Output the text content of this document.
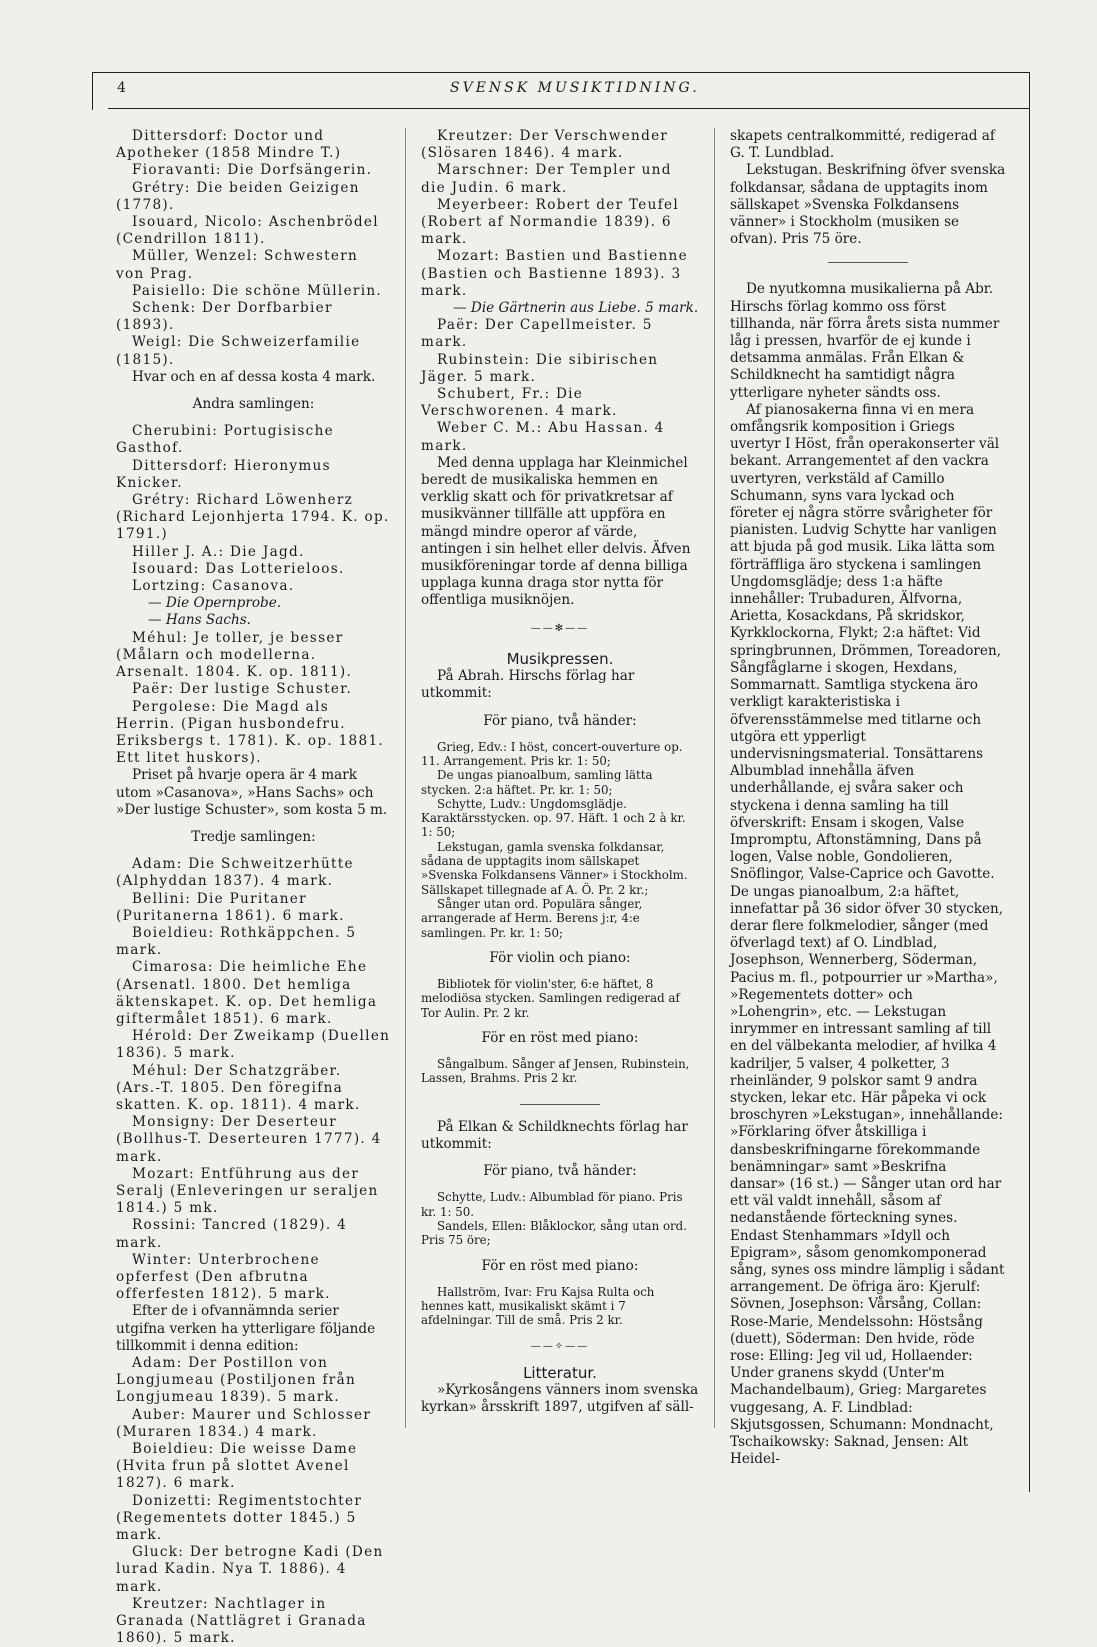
4	SVENSK MUSIKTIDNING.

Dittersdorf: Doctor und Apotheker (1858 Mindre T.)

Fioravanti: Die Dorfsängerin.

Grétry: Die beiden Geizigen (1778).

Isouard, Nicolo: Aschenbrödel (Cendrillon 1811).

Müller, Wenzel: Schwestern von Prag.

Paisiello: Die schöne Müllerin.

Schenk: Der Dorfbarbier (1893).

Weigl: Die Schweizerfamilie (1815).

Hvar och en af dessa kosta 4 mark.

Andra samlingen:

Cherubini: Portugisische Gasthof.

Dittersdorf: Hieronymus Knicker.

Grétry: Richard Löwenherz (Richard Lejonhjerta 1794. K. op. 1791.)

Hiller J. A.: Die Jagd.

Isouard: Das Lotterieloos.

Lortzing: Casanova.

— Die Opernprobe.

— Hans Sachs.

Méhul: Je toller, je besser (Målarn och modellerna. Arsenalt. 1804. K. op. 1811).

Paër: Der lustige Schuster.

Pergolese: Die Magd als Herrin. (Pigan husbondefru. Eriksbergs t. 1781). K. op. 1881. Ett litet huskors).

Priset på hvarje opera är 4 mark utom »Casanova», »Hans Sachs» och »Der lustige Schuster», som kosta 5 m.

Tredje samlingen:

Adam: Die Schweitzerhütte (Alphyddan 1837). 4 mark.

Bellini: Die Puritaner (Puritanerna 1861). 6 mark.

Boieldieu: Rothkäppchen. 5 mark.

Cimarosa: Die heimliche Ehe (Arsenatl. 1800. Det hemliga äktenskapet. K. op. Det hemliga giftermålet 1851). 6 mark.

Hérold: Der Zweikamp (Duellen 1836). 5 mark.

Méhul: Der Schatzgräber. (Ars.-T. 1805. Den föregifna skatten. K. op. 1811). 4 mark.

Monsigny: Der Deserteur (Bollhus-T. Deserteuren 1777). 4 mark.

Mozart: Entführung aus der Seralj (Enleveringen ur seraljen 1814.) 5 mk.

Rossini: Tancred (1829). 4 mark.

Winter: Unterbrochene opferfest (Den afbrutna offerfesten 1812). 5 mark.

Efter de i ofvannämnda serier utgifna verken ha ytterligare följande tillkommit i denna edition:

Adam: Der Postillon von Longjumeau (Postiljonen från Longjumeau 1839). 5 mark.

Auber: Maurer und Schlosser (Muraren 1834.) 4 mark.

Boieldieu: Die weisse Dame (Hvita frun på slottet Avenel 1827). 6 mark.

Donizetti: Regimentstochter (Regementets dotter 1845.) 5 mark.

Gluck: Der betrogne Kadi (Den lurad Kadin. Nya T. 1886). 4 mark.

Kreutzer: Nachtlager in Granada (Nattlägret i Granada 1860). 5 mark.

Kreutzer: Der Verschwender (Slösaren 1846). 4 mark.

Marschner: Der Templer und die Judin. 6 mark.

Meyerbeer: Robert der Teufel (Robert af Normandie 1839). 6 mark.

Mozart: Bastien und Bastienne (Bastien och Bastienne 1893). 3 mark.

— Die Gärtnerin aus Liebe. 5 mark.

Paër: Der Capellmeister. 5 mark.

Rubinstein: Die sibirischen Jäger. 5 mark.

Schubert, Fr.: Die Verschworenen. 4 mark.

Weber C. M.: Abu Hassan. 4 mark.

Med denna upplaga har Kleinmichel beredt de musikaliska hemmen en verklig skatt och för privatkretsar af musikvänner tillfälle att uppföra en mängd mindre operor af värde, antingen i sin helhet eller delvis. Äfven musikföreningar torde af denna billiga upplaga kunna draga stor nytta för offentliga musiknöjen.

——✻——

Musikpressen.

På Abrah. Hirschs förlag har utkommit:

För piano, två händer:

Grieg, Edv.: I höst, concert-ouverture op. 11. Arrangement. Pris kr. 1: 50;

De ungas pianoalbum, samling lätta stycken. 2:a häftet. Pr. kr. 1: 50;

Schytte, Ludv.: Ungdomsglädje. Karaktärsstycken. op. 97. Häft. 1 och 2 à kr. 1: 50;

Lekstugan, gamla svenska folkdansar, sådana de upptagits inom sällskapet »Svenska Folkdansens Vänner» i Stockholm. Sällskapet tillegnade af A. Ö. Pr. 2 kr.;

Sånger utan ord. Populära sånger, arrangerade af Herm. Berens j:r, 4:e samlingen. Pr. kr. 1: 50;

För violin och piano:

Bibliotek för violin'ster, 6:e häftet, 8 melodiösa stycken. Samlingen redigerad af Tor Aulin. Pr. 2 kr.

För en röst med piano:

Sångalbum. Sånger af Jensen, Rubinstein, Lassen, Brahms. Pris 2 kr.

På Elkan & Schildknechts förlag har utkommit:

För piano, två händer:

Schytte, Ludv.: Albumblad för piano. Pris kr. 1: 50.

Sandels, Ellen: Blåklockor, sång utan ord. Pris 75 öre;

För en röst med piano:

Hallström, Ivar: Fru Kajsa Rulta och hennes katt, musikaliskt skämt i 7 afdelningar. Till de små. Pris 2 kr.

——✧——

Litteratur.

»Kyrkosångens vänners inom svenska kyrkan» årsskrift 1897, utgifven af säll-

skapets centralkommitté, redigerad af G. T. Lundblad.

Lekstugan. Beskrifning öfver svenska folkdansar, sådana de upptagits inom sällskapet »Svenska Folkdansens vänner» i Stockholm (musiken se ofvan). Pris 75 öre.

De nyutkomna musikalierna på Abr. Hirschs förlag kommo oss först tillhanda, när förra årets sista nummer låg i pressen, hvarför de ej kunde i detsamma anmälas. Från Elkan & Schildknecht ha samtidigt några ytterligare nyheter sändts oss.

Af pianosakerna finna vi en mera omfångsrik komposition i Griegs uvertyr I Höst, från operakonserter väl bekant. Arrangementet af den vackra uvertyren, verkstäld af Camillo Schumann, syns vara lyckad och företer ej några större svårigheter för pianisten. Ludvig Schytte har vanligen att bjuda på god musik. Lika lätta som förträffliga äro styckena i samlingen Ungdomsglädje; dess 1:a häfte innehåller: Trubaduren, Älfvorna, Arietta, Kosackdans, På skridskor, Kyrkklockorna, Flykt; 2:a häftet: Vid springbrunnen, Drömmen, Toreadoren, Sångfåglarne i skogen, Hexdans, Sommarnatt. Samtliga styckena äro verkligt karakteristiska i öfverensstämmelse med titlarne och utgöra ett ypperligt undervisningsmaterial. Tonsättarens Albumblad innehålla äfven underhållande, ej svåra saker och styckena i denna samling ha till öfverskrift: Ensam i skogen, Valse Impromptu, Aftonstämning, Dans på logen, Valse noble, Gondolieren, Snöflingor, Valse-Caprice och Gavotte. De ungas pianoalbum, 2:a häftet, innefattar på 36 sidor öfver 30 stycken, derar flere folkmelodier, sånger (med öfverlagd text) af O. Lindblad, Josephson, Wennerberg, Söderman, Pacius m. fl., potpourrier ur »Martha», »Regementets dotter» och »Lohengrin», etc. — Lekstugan inrymmer en intressant samling af till en del välbekanta melodier, af hvilka 4 kadriljer, 5 valser, 4 polketter, 3 rheinländer, 9 polskor samt 9 andra stycken, lekar etc. Här påpeka vi ock broschyren »Lekstugan», innehållande: »Förklaring öfver åtskilliga i dansbeskrifningarne förekommande benämningar» samt »Beskrifna dansar» (16 st.) — Sånger utan ord har ett väl valdt innehåll, såsom af nedanstående förteckning synes. Endast Stenhammars »Idyll och Epigram», såsom genomkomponerad sång, synes oss mindre lämplig i sådant arrangement. De öfriga äro: Kjerulf: Sövnen, Josephson: Vårsång, Collan: Rose-Marie, Mendelssohn: Höstsång (duett), Söderman: Den hvide, röde rose: Elling: Jeg vil ud, Hollaender: Under granens skydd (Unter'm Machandelbaum), Grieg: Margaretes vuggesang, A. F. Lindblad: Skjutsgossen, Schumann: Mondnacht, Tschaikowsky: Saknad, Jensen: Alt Heidel-
